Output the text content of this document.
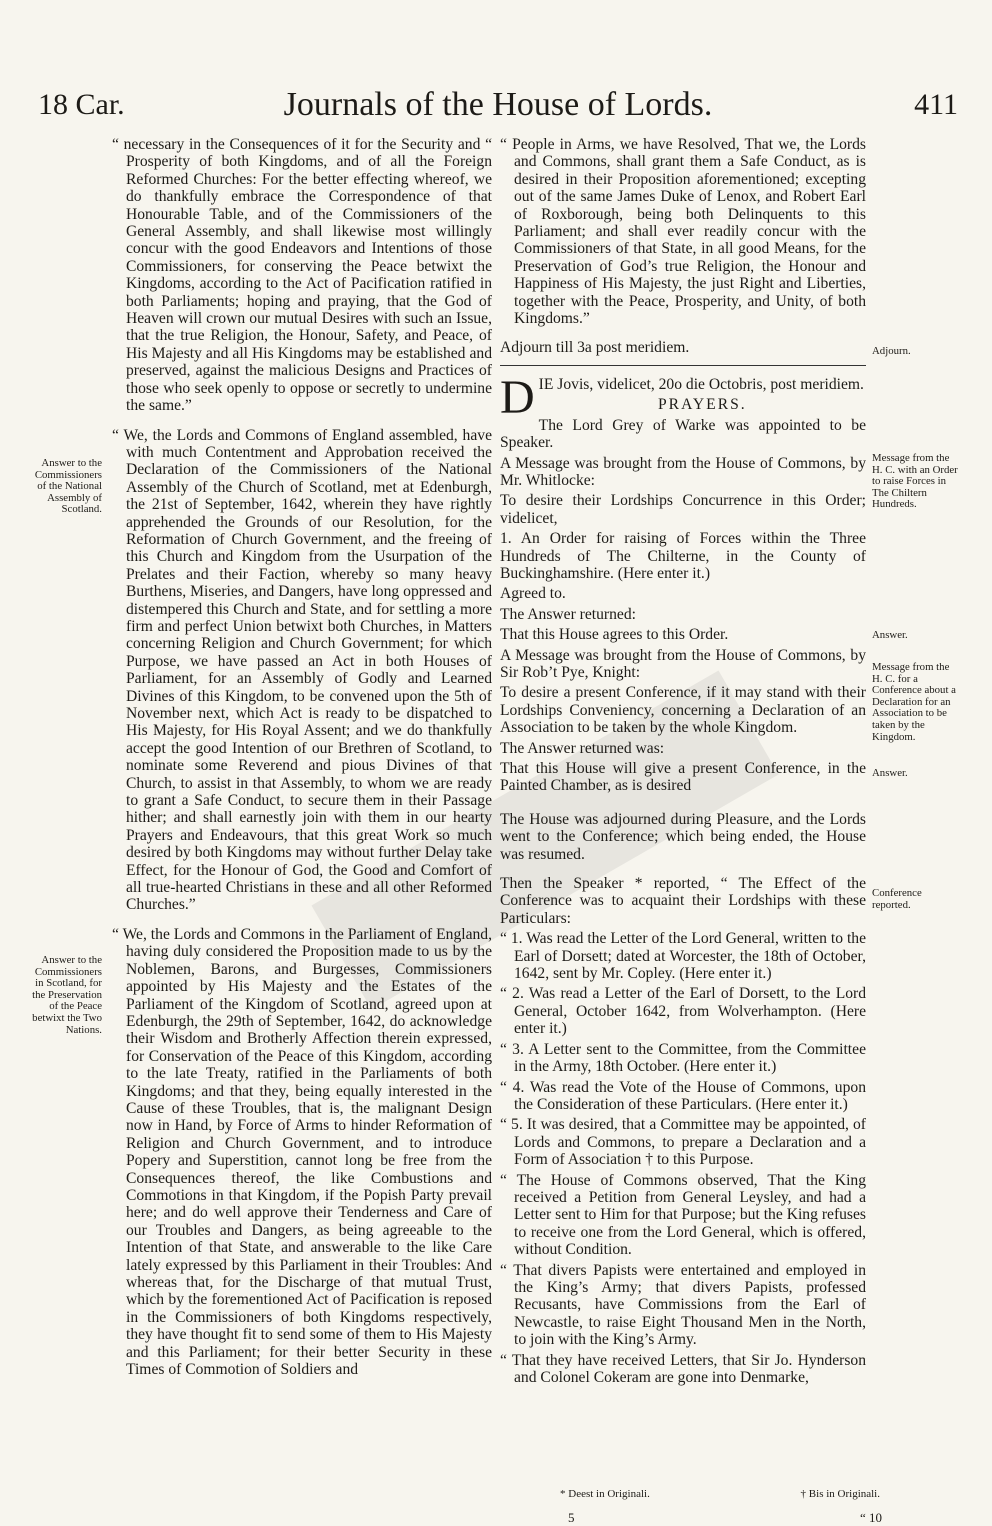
18 Car.	Journals of the House of Lords.	411
Answer to the Commissioners of the National Assembly of Scotland.
Answer to the Commissioners in Scotland, for the Preservation of the Peace betwixt the Two Nations.

“ necessary in the Consequences of it for the Security and “ Prosperity of both Kingdoms, and of all the Foreign Reformed Churches: For the better effecting whereof, we do thankfully embrace the Correspondence of that Honourable Table, and of the Commissioners of the General Assembly, and shall likewise most willingly concur with the good Endeavors and Intentions of those Commissioners, for conserving the Peace betwixt the Kingdoms, according to the Act of Pacification ratified in both Parliaments; hoping and praying, that the God of Heaven will crown our mutual Desires with such an Issue, that the true Religion, the Honour, Safety, and Peace, of His Majesty and all His Kingdoms may be established and preserved, against the malicious Designs and Practices of those who seek openly to oppose or secretly to undermine the same.”

“ We, the Lords and Commons of England assembled, have with much Contentment and Approbation received the Declaration of the Commissioners of the National Assembly of the Church of Scotland, met at Edenburgh, the 21st of September, 1642, wherein they have rightly apprehended the Grounds of our Resolution, for the Reformation of Church Government, and the freeing of this Church and Kingdom from the Usurpation of the Prelates and their Faction, whereby so many heavy Burthens, Miseries, and Dangers, have long oppressed and distempered this Church and State, and for settling a more firm and perfect Union betwixt both Churches, in Matters concerning Religion and Church Government; for which Purpose, we have passed an Act in both Houses of Parliament, for an Assembly of Godly and Learned Divines of this Kingdom, to be convened upon the 5th of November next, which Act is ready to be dispatched to His Majesty, for His Royal Assent; and we do thankfully accept the good Intention of our Brethren of Scotland, to nominate some Reverend and pious Divines of that Church, to assist in that Assembly, to whom we are ready to grant a Safe Conduct, to secure them in their Passage hither; and shall earnestly join with them in our hearty Prayers and Endeavours, that this great Work so much desired by both Kingdoms may without further Delay take Effect, for the Honour of God, the Good and Comfort of all true-hearted Christians in these and all other Reformed Churches.”

“ We, the Lords and Commons in the Parliament of England, having duly considered the Proposition made to us by the Noblemen, Barons, and Burgesses, Commissioners appointed by His Majesty and the Estates of the Parliament of the Kingdom of Scotland, agreed upon at Edenburgh, the 29th of September, 1642, do acknowledge their Wisdom and Brotherly Affection therein expressed, for Conservation of the Peace of this Kingdom, according to the late Treaty, ratified in the Parliaments of both Kingdoms; and that they, being equally interested in the Cause of these Troubles, that is, the malignant Design now in Hand, by Force of Arms to hinder Reformation of Religion and Church Government, and to introduce Popery and Superstition, cannot long be free from the Consequences thereof, the like Combustions and Commotions in that Kingdom, if the Popish Party prevail here; and do well approve their Tenderness and Care of our Troubles and Dangers, as being agreeable to the Intention of that State, and answerable to the like Care lately expressed by this Parliament in their Troubles: And whereas that, for the Discharge of that mutual Trust, which by the forementioned Act of Pacification is reposed in the Commissioners of both Kingdoms respectively, they have thought fit to send some of them to His Majesty and this Parliament; for their better Security in these Times of Commotion of Soldiers and

Adjourn.
Message from the H. C. with an Order to raise Forces in The Chiltern Hundreds.
Answer.
Message from the H. C. for a Conference about a Declaration for an Association to be taken by the Kingdom.
Answer.
Conference reported.

“ People in Arms, we have Resolved, That we, the Lords and Commons, shall grant them a Safe Conduct, as is desired in their Proposition aforementioned; excepting out of the same James Duke of Lenox, and Robert Earl of Roxborough, being both Delinquents to this Parliament; and shall ever readily concur with the Commissioners of that State, in all good Means, for the Preservation of God’s true Religion, the Honour and Happiness of His Majesty, the just Right and Liberties, together with the Peace, Prosperity, and Unity, of both Kingdoms.”

Adjourn till 3a post meridiem.

D IE Jovis, videlicet, 20o die Octobris, post meridiem.

PRAYERS.

The Lord Grey of Warke was appointed to be Speaker.

A Message was brought from the House of Commons, by Mr. Whitlocke:

To desire their Lordships Concurrence in this Order; videlicet,

1. An Order for raising of Forces within the Three Hundreds of The Chilterne, in the County of Buckinghamshire. (Here enter it.)

Agreed to.

The Answer returned:

That this House agrees to this Order.

A Message was brought from the House of Commons, by Sir Rob’t Pye, Knight:

To desire a present Conference, if it may stand with their Lordships Conveniency, concerning a Declaration of an Association to be taken by the whole Kingdom.

The Answer returned was:

That this House will give a present Conference, in the Painted Chamber, as is desired

The House was adjourned during Pleasure, and the Lords went to the Conference; which being ended, the House was resumed.

Then the Speaker * reported, “ The Effect of the Conference was to acquaint their Lordships with these Particulars:

“ 1. Was read the Letter of the Lord General, written to the Earl of Dorsett; dated at Worcester, the 18th of October, 1642, sent by Mr. Copley. (Here enter it.)

“ 2. Was read a Letter of the Earl of Dorsett, to the Lord General, October 1642, from Wolverhampton. (Here enter it.)

“ 3. A Letter sent to the Committee, from the Committee in the Army, 18th October. (Here enter it.)

“ 4. Was read the Vote of the House of Commons, upon the Consideration of these Particulars. (Here enter it.)

“ 5. It was desired, that a Committee may be appointed, of Lords and Commons, to prepare a Declaration and a Form of Association † to this Purpose.

“ The House of Commons observed, That the King received a Petition from General Leysley, and had a Letter sent to Him for that Purpose; but the King refuses to receive one from the Lord General, which is offered, without Condition.

“ That divers Papists were entertained and employed in the King’s Army; that divers Papists, professed Recusants, have Commissions from the Earl of Newcastle, to raise Eight Thousand Men in the North, to join with the King’s Army.

“ That they have received Letters, that Sir Jo. Hynderson and Colonel Cokeram are gone into Denmarke,

* Deest in Originali.	† Bis in Originali.
5	“ 10
